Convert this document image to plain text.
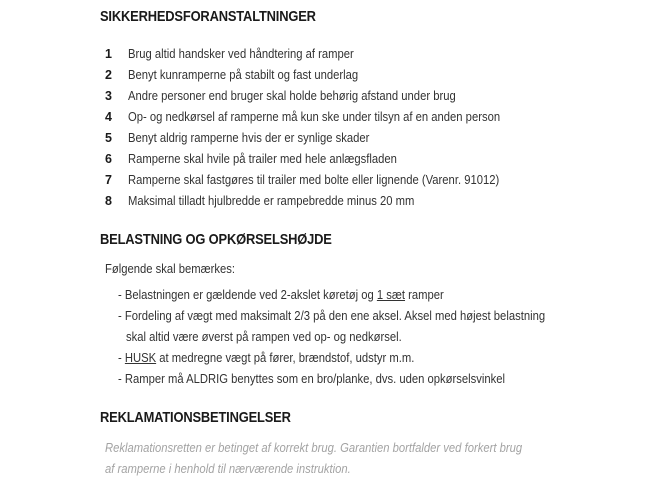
SIKKERHEDSFORANSTALTNINGER
1	Brug altid handsker ved håndtering af ramper
2	Benyt kunramperne på stabilt og fast underlag
3	Andre personer end bruger skal holde behørig afstand under brug
4	Op- og nedkørsel af ramperne må kun ske under tilsyn af en anden person
5	Benyt aldrig ramperne hvis der er synlige skader
6	Ramperne skal hvile på trailer med hele anlægsfladen
7	Ramperne skal fastgøres til trailer med bolte eller lignende (Varenr. 91012)
8	Maksimal tilladt hjulbredde er rampebredde minus 20 mm
BELASTNING OG OPKØRSELSHØJDE
Følgende skal bemærkes:
- Belastningen er gældende ved 2-akslet køretøj og 1 sæt ramper
- Fordeling af vægt med maksimalt 2/3 på den ene aksel. Aksel med højest belastning
skal altid være øverst på rampen ved op- og nedkørsel.
- HUSK at medregne vægt på fører, brændstof, udstyr m.m.
- Ramper må ALDRIG benyttes som en bro/planke, dvs. uden opkørselsvinkel
REKLAMATIONSBETINGELSER
Reklamationsretten er betinget af korrekt brug. Garantien bortfalder ved forkert brug
af ramperne i henhold til nærværende instruktion.
